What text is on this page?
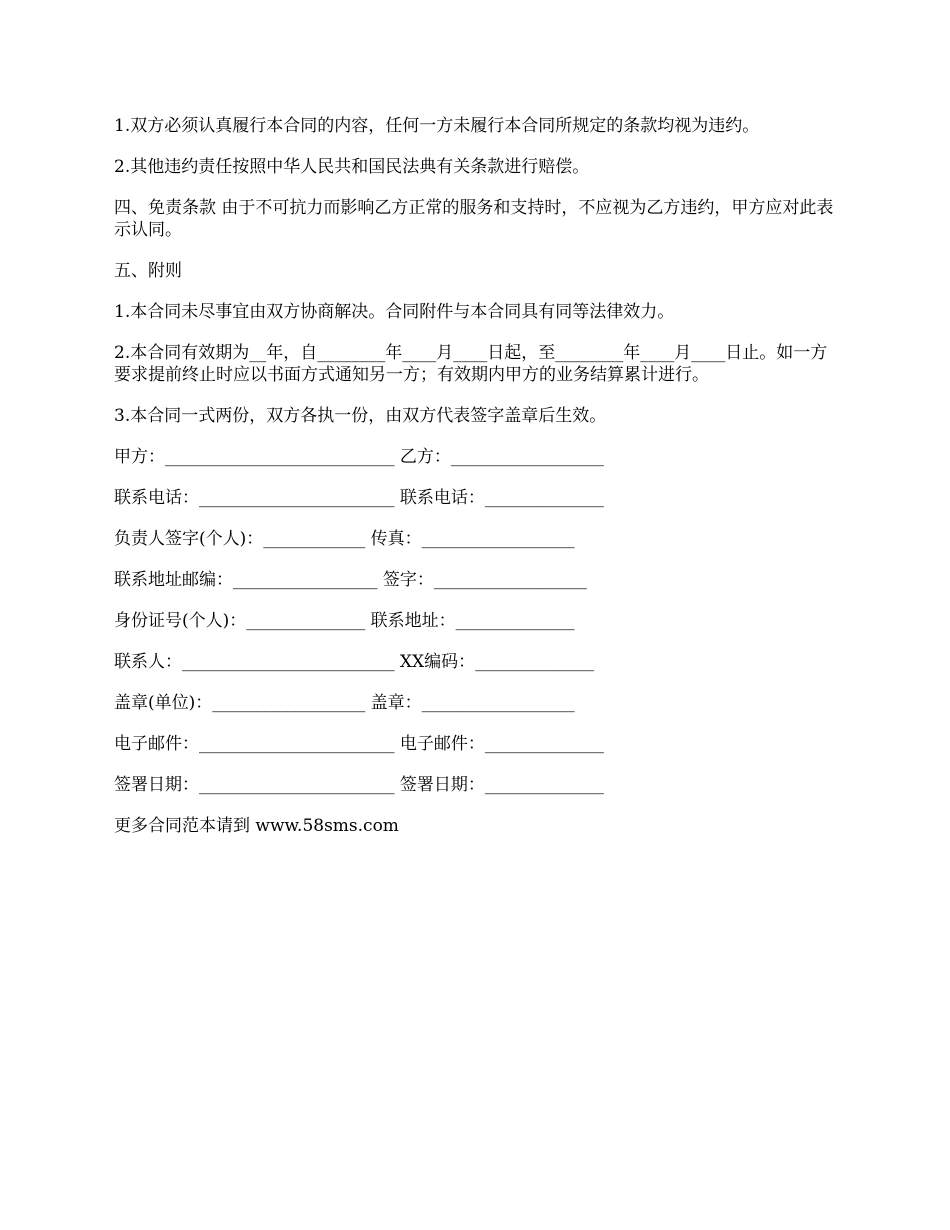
1.双方必须认真履行本合同的内容，任何一方未履行本合同所规定的条款均视为违约。

2.其他违约责任按照中华人民共和国民法典有关条款进行赔偿。

四、免责条款 由于不可抗力而影响乙方正常的服务和支持时，不应视为乙方违约，甲方应对此表示认同。

五、附则

1.本合同未尽事宜由双方协商解决。合同附件与本合同具有同等法律效力。

2.本合同有效期为__年，自________年____月____日起，至________年____月____日止。如一方要求提前终止时应以书面方式通知另一方；有效期内甲方的业务结算累计进行。

3.本合同一式两份，双方各执一份，由双方代表签字盖章后生效。

甲方：___________________________ 乙方：__________________

联系电话：_______________________ 联系电话：______________

负责人签字(个人)：____________ 传真：__________________

联系地址邮编：_________________ 签字：__________________

身份证号(个人)：______________ 联系地址：______________

联系人：_________________________ XX编码：______________

盖章(单位)：__________________ 盖章：__________________

电子邮件：_______________________ 电子邮件：______________

签署日期：_______________________ 签署日期：______________

更多合同范本请到 www.58sms.com
